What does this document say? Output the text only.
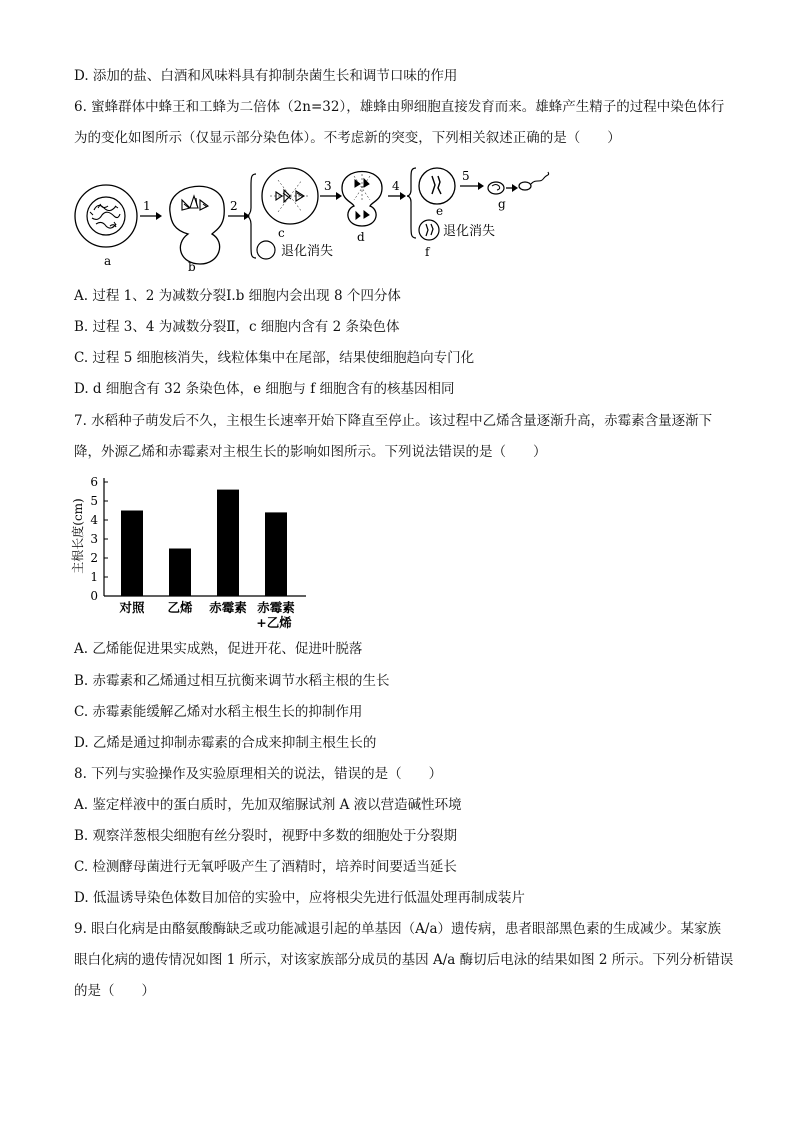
D. 添加的盐、白酒和风味料具有抑制杂菌生长和调节口味的作用
6. 蜜蜂群体中蜂王和工蜂为二倍体（2n=32），雄蜂由卵细胞直接发育而来。雄蜂产生精子的过程中染色体行为的变化如图所示（仅显示部分染色体）。不考虑新的突变，下列相关叙述正确的是（　　）
a
1
b
2
c
退化消失
3
d
4
e
退化消失
f
5
g
A. 过程 1、2 为减数分裂Ⅰ.b 细胞内会出现 8 个四分体
B. 过程 3、4 为减数分裂Ⅱ，c 细胞内含有 2 条染色体
C. 过程 5 细胞核消失，线粒体集中在尾部，结果使细胞趋向专门化
D. d 细胞含有 32 条染色体，e 细胞与 f 细胞含有的核基因相同
7. 水稻种子萌发后不久，主根生长速率开始下降直至停止。该过程中乙烯含量逐渐升高，赤霉素含量逐渐下降，外源乙烯和赤霉素对主根生长的影响如图所示。下列说法错误的是（　　）
主根长度(cm)
0
1
2
3
4
5
6
对照 乙烯 赤霉素 赤霉素
+乙烯
A. 乙烯能促进果实成熟，促进开花、促进叶脱落
B. 赤霉素和乙烯通过相互抗衡来调节水稻主根的生长
C. 赤霉素能缓解乙烯对水稻主根生长的抑制作用
D. 乙烯是通过抑制赤霉素的合成来抑制主根生长的
8. 下列与实验操作及实验原理相关的说法，错误的是（　　）
A. 鉴定样液中的蛋白质时，先加双缩脲试剂 A 液以营造碱性环境
B. 观察洋葱根尖细胞有丝分裂时，视野中多数的细胞处于分裂期
C. 检测酵母菌进行无氧呼吸产生了酒精时，培养时间要适当延长
D. 低温诱导染色体数目加倍的实验中，应将根尖先进行低温处理再制成装片
9. 眼白化病是由酪氨酸酶缺乏或功能减退引起的单基因（A/a）遗传病，患者眼部黑色素的生成减少。某家族眼白化病的遗传情况如图 1 所示，对该家族部分成员的基因 A/a 酶切后电泳的结果如图 2 所示。下列分析错误的是（　　）
